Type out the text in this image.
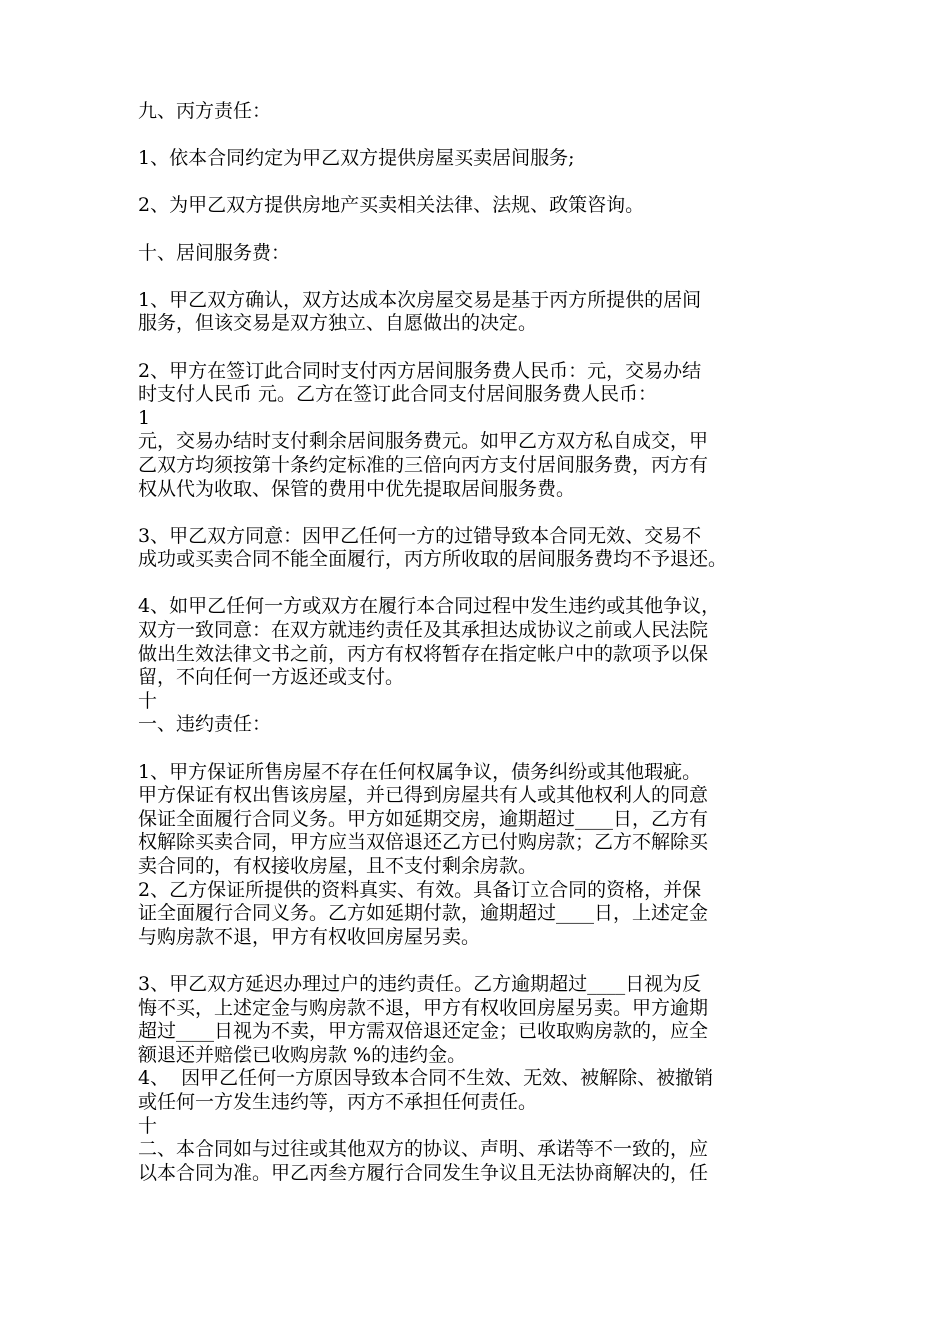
九、丙方责任：
1、依本合同约定为甲乙双方提供房屋买卖居间服务;
2、为甲乙双方提供房地产买卖相关法律、法规、政策咨询。
十、居间服务费：
1、甲乙双方确认，双方达成本次房屋交易是基于丙方所提供的居间
服务，但该交易是双方独立、自愿做出的决定。
2、甲方在签订此合同时支付丙方居间服务费人民币：元，交易办结
时支付人民币 元。乙方在签订此合同支付居间服务费人民币：
1
元，交易办结时支付剩余居间服务费元。如甲乙方双方私自成交，甲
乙双方均须按第十条约定标准的三倍向丙方支付居间服务费，丙方有
权从代为收取、保管的费用中优先提取居间服务费。
3、甲乙双方同意：因甲乙任何一方的过错导致本合同无效、交易不
成功或买卖合同不能全面履行，丙方所收取的居间服务费均不予退还。
4、如甲乙任何一方或双方在履行本合同过程中发生违约或其他争议，
双方一致同意：在双方就违约责任及其承担达成协议之前或人民法院
做出生效法律文书之前，丙方有权将暂存在指定帐户中的款项予以保
留，不向任何一方返还或支付。
十
一、违约责任：
1、甲方保证所售房屋不存在任何权属争议，债务纠纷或其他瑕疵。
甲方保证有权出售该房屋，并已得到房屋共有人或其他权利人的同意
保证全面履行合同义务。甲方如延期交房，逾期超过____日，乙方有
权解除买卖合同，甲方应当双倍退还乙方已付购房款；乙方不解除买
卖合同的，有权接收房屋，且不支付剩余房款。
2、乙方保证所提供的资料真实、有效。具备订立合同的资格，并保
证全面履行合同义务。乙方如延期付款，逾期超过____日，上述定金
与购房款不退，甲方有权收回房屋另卖。
3、甲乙双方延迟办理过户的违约责任。乙方逾期超过____日视为反
悔不买，上述定金与购房款不退，甲方有权收回房屋另卖。甲方逾期
超过____日视为不卖，甲方需双倍退还定金；已收取购房款的，应全
额退还并赔偿已收购房款 %的违约金。
4、  因甲乙任何一方原因导致本合同不生效、无效、被解除、被撤销
或任何一方发生违约等，丙方不承担任何责任。
十
二、本合同如与过往或其他双方的协议、声明、承诺等不一致的，应
以本合同为准。甲乙丙叁方履行合同发生争议且无法协商解决的，任
